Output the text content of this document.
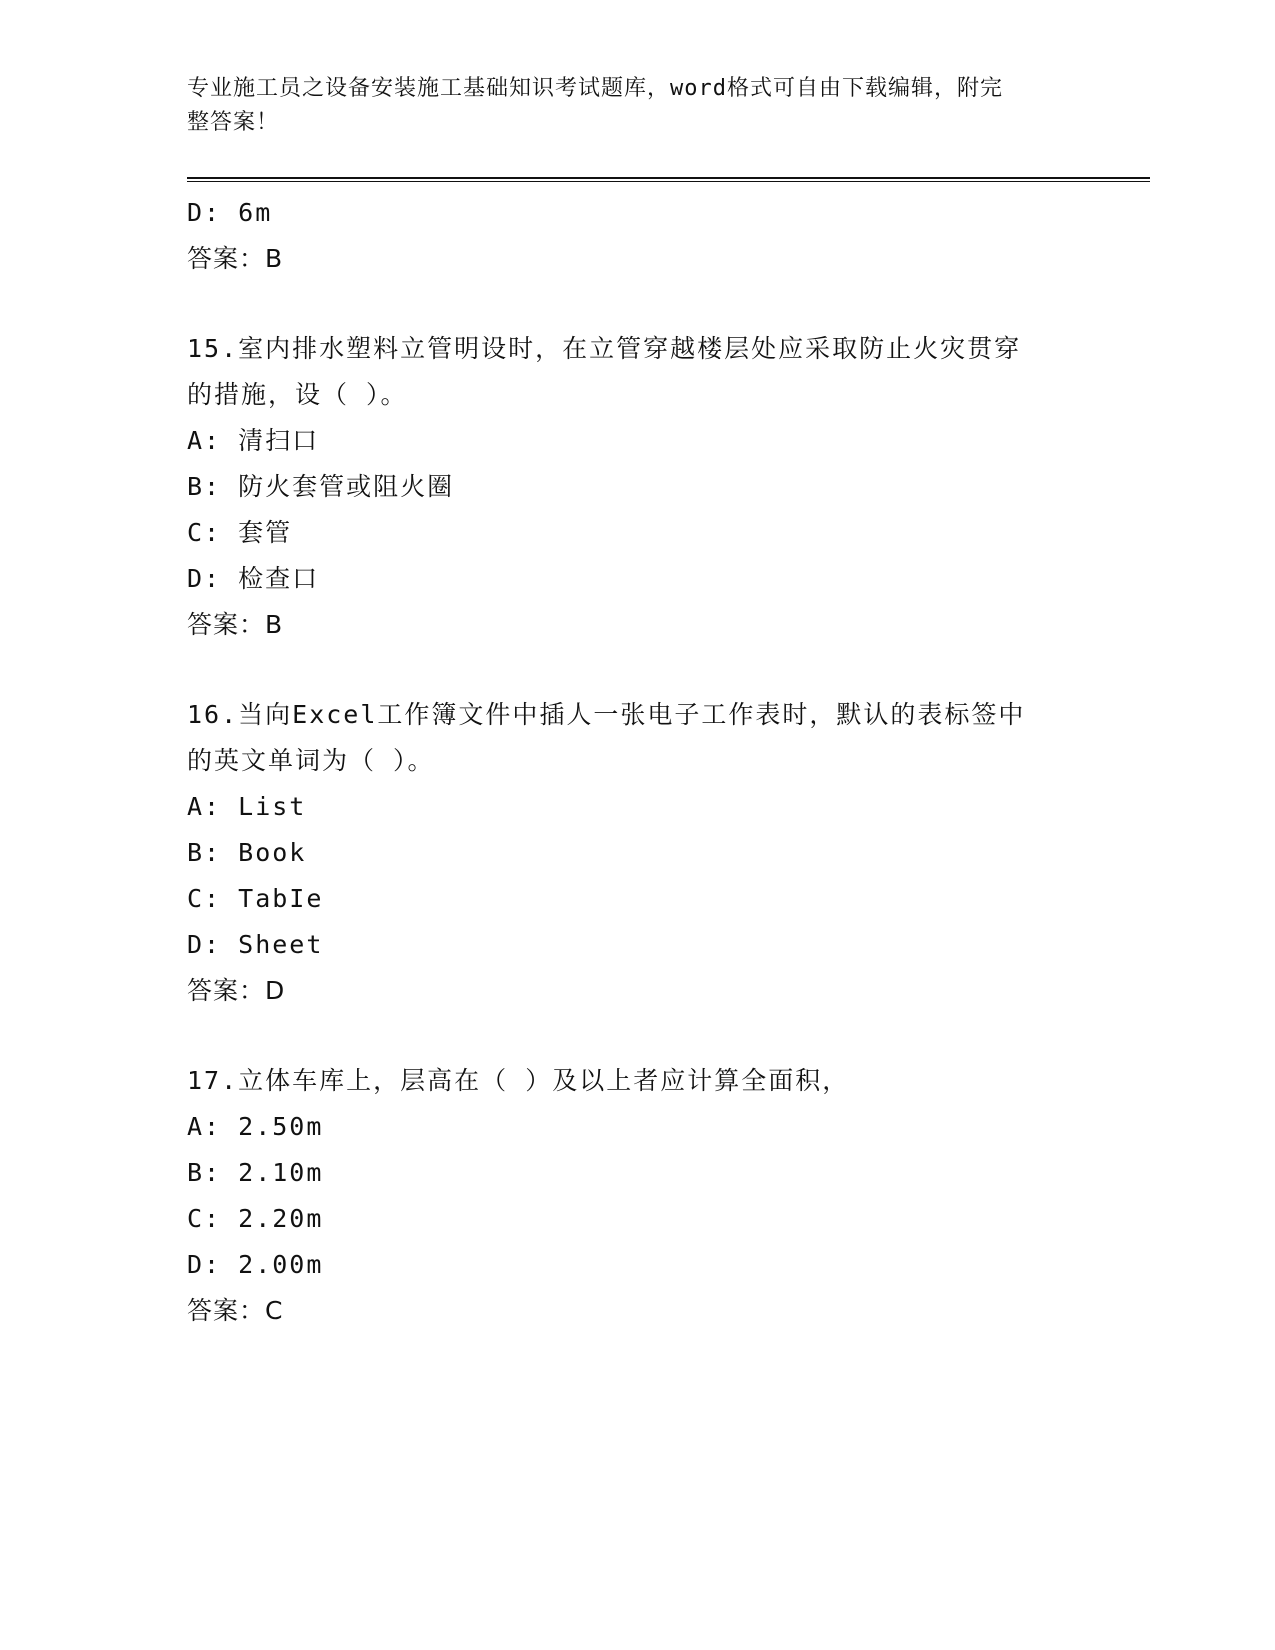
专业施工员之设备安装施工基础知识考试题库，word格式可自由下载编辑，附完
整答案！
D: 6m
答案：B
15.室内排水塑料立管明设时，在立管穿越楼层处应采取防止火灾贯穿
的措施，设（ ）。
A: 清扫口
B: 防火套管或阻火圈
C: 套管
D: 检查口
答案：B
16.当向Excel工作簿文件中插人一张电子工作表时，默认的表标签中
的英文单词为（ ）。
A: List
B: Book
C: TabIe
D: Sheet
答案：D
17.立体车库上，层高在（ ）及以上者应计算全面积，
A: 2.50m
B: 2.10m
C: 2.20m
D: 2.00m
答案：C
